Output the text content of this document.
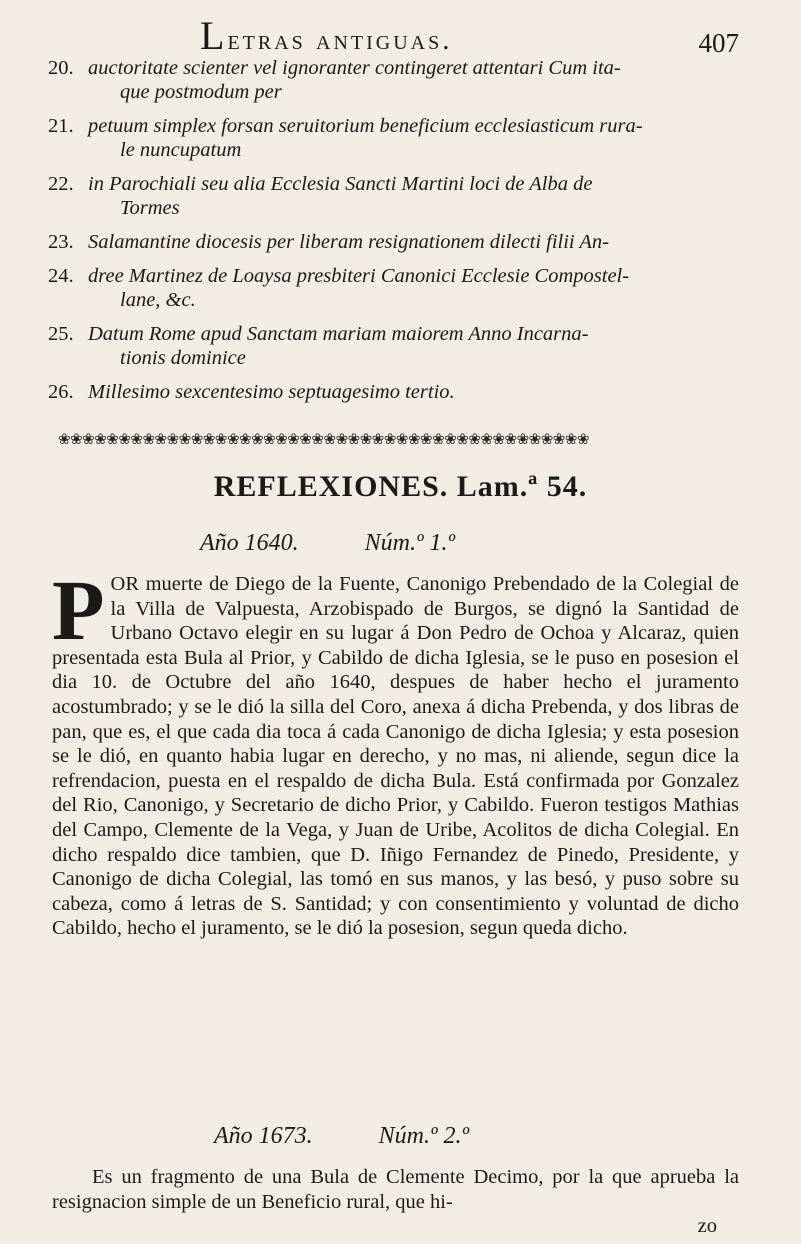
Letras antiguas.	407
20. auctoritate scienter vel ignoranter contingeret attentari Cum ita-
que postmodum per
21. petuum simplex forsan seruitorium beneficium ecclesiasticum rura-
le nuncupatum
22. in Parochiali seu alia Ecclesia Sancti Martini loci de Alba de
Tormes
23. Salamantine diocesis per liberam resignationem dilecti filii An-
24. dree Martinez de Loaysa presbiteri Canonici Ecclesie Compostel-
lane, &c.
25. Datum Rome apud Sanctam mariam maiorem Anno Incarna-
tionis dominice
26. Millesimo sexcentesimo septuagesimo tertio.
❀❀❀❀❀❀❀❀❀❀❀❀❀❀❀❀❀❀❀❀❀❀❀❀❀❀❀❀❀❀❀❀❀❀❀❀❀❀❀❀❀❀❀❀
REFLEXIONES. Lam.ª 54.
Año 1640.	Núm.º 1.º
POR muerte de Diego de la Fuente, Canonigo Prebendado de la Colegial de la Villa de Valpuesta, Arzobispado de Burgos, se dignó la Santidad de Urbano Octavo elegir en su lugar á Don Pedro de Ochoa y Alcaraz, quien presentada esta Bula al Prior, y Cabildo de dicha Iglesia, se le puso en posesion el dia 10. de Octubre del año 1640, despues de haber hecho el juramento acostumbrado; y se le dió la silla del Coro, anexa á dicha Prebenda, y dos libras de pan, que es, el que cada dia toca á cada Canonigo de dicha Iglesia; y esta posesion se le dió, en quanto habia lugar en derecho, y no mas, ni aliende, segun dice la refrendacion, puesta en el respaldo de dicha Bula. Está confirmada por Gonzalez del Rio, Canonigo, y Secretario de dicho Prior, y Cabildo. Fueron testigos Mathias del Campo, Clemente de la Vega, y Juan de Uribe, Acolitos de dicha Colegial. En dicho respaldo dice tambien, que D. Iñigo Fernandez de Pinedo, Presidente, y Canonigo de dicha Colegial, las tomó en sus manos, y las besó, y puso sobre su cabeza, como á letras de S. Santidad; y con consentimiento y voluntad de dicho Cabildo, hecho el juramento, se le dió la posesion, segun queda dicho.
Año 1673.	Núm.º 2.º
Es un fragmento de una Bula de Clemente Decimo, por la que aprueba la resignacion simple de un Beneficio rural, que hi-
zo
